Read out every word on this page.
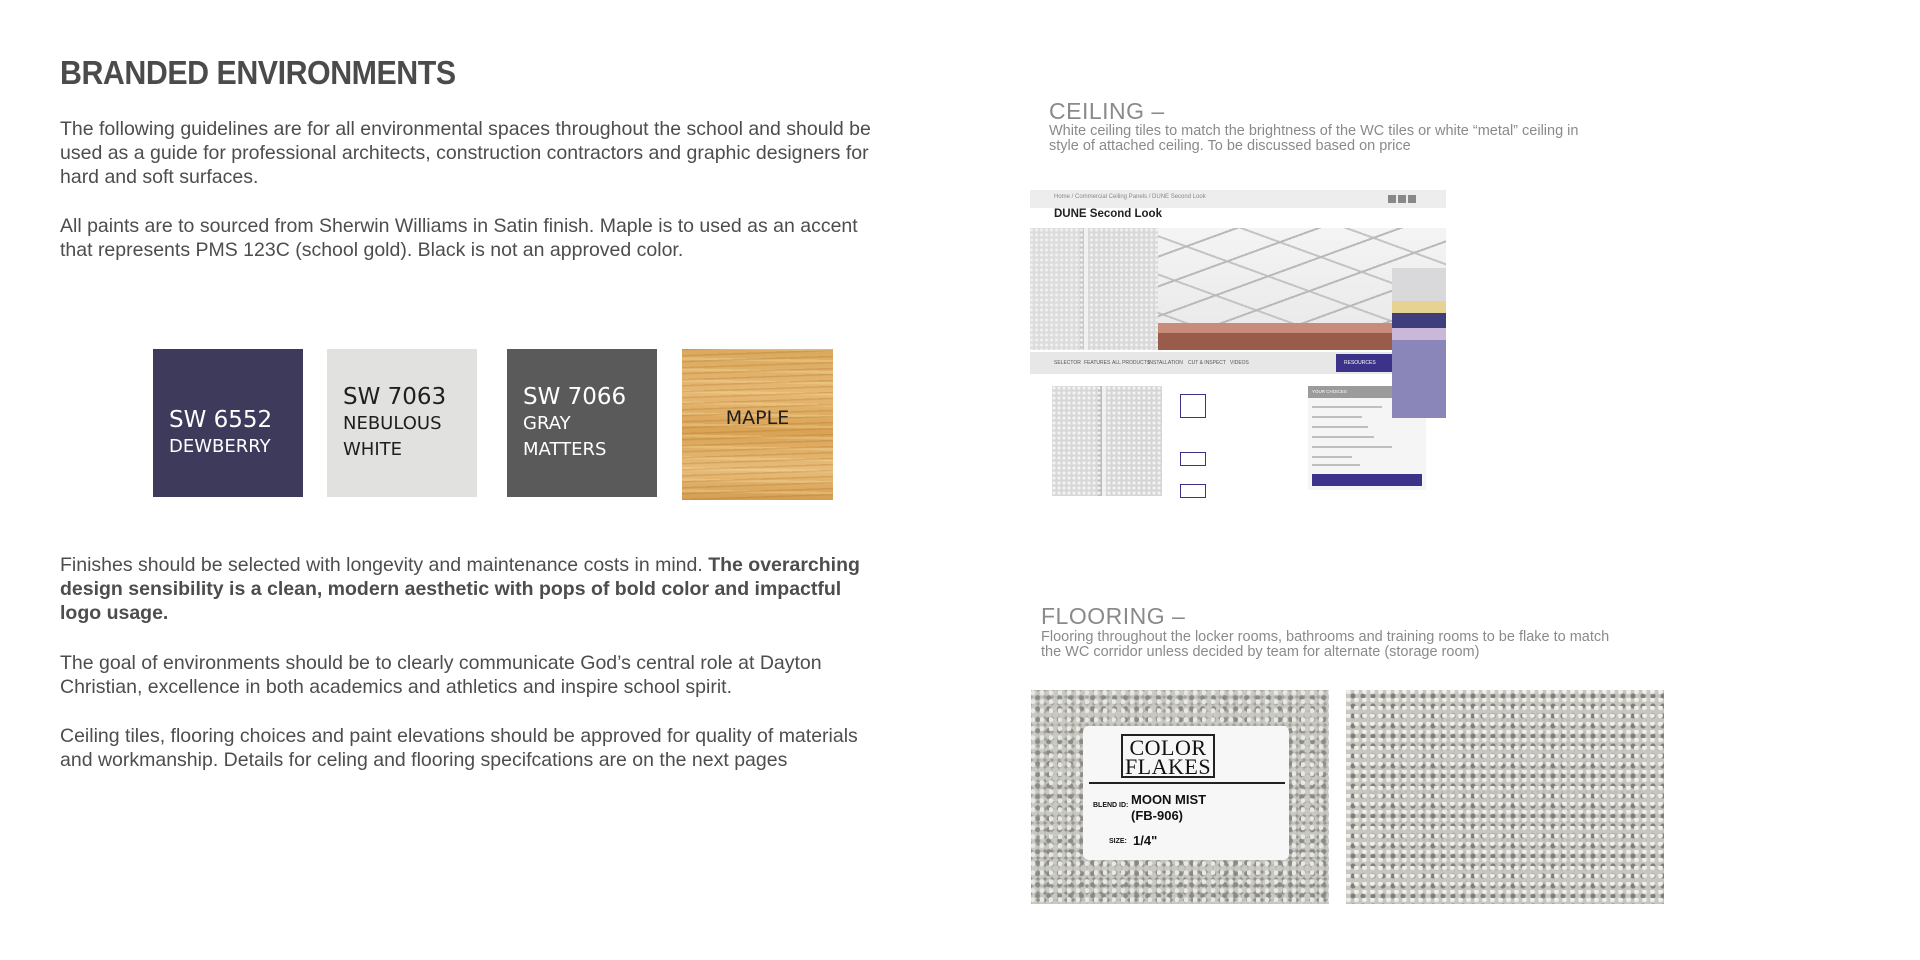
BRANDED ENVIRONMENTS

The following guidelines are for all environmental spaces throughout the school and should be used as a guide for professional architects, construction contractors and graphic designers for hard and soft surfaces.

All paints are to sourced from Sherwin Williams in Satin finish. Maple is to used as an accent that represents PMS 123C (school gold). Black is not an approved color.

SW 6552
DEWBERRY
SW 7063
NEBULOUS
WHITE
SW 7066
GRAY
MATTERS
MAPLE

Finishes should be selected with longevity and maintenance costs in mind. The overarching design sensibility is a clean, modern aesthetic with pops of bold color and impactful logo usage.

The goal of environments should be to clearly communicate God’s central role at Dayton Christian, excellence in both academics and athletics and inspire school spirit.

Ceiling tiles, flooring choices and paint elevations should be approved for quality of materials and workmanship. Details for celing and flooring specifcations are on the next pages

CEILING –

White ceiling tiles to match the brightness of the WC tiles or white “metal” ceiling in style of attached ceiling. To be discussed based on price

Home / Commercial Ceiling Panels / DUNE Second Look
DUNE Second Look
SELECTOR FEATURES ALL PRODUCTS
INSTALLATION CUT & INSPECT VIDEOS	RESOURCES
YOUR CHOICES
FLOORING –

Flooring throughout the locker rooms, bathrooms and training rooms to be flake to match the WC corridor unless decided by team for alternate (storage room)

COLOR FLAKES
BLEND ID: MOON MIST
(FB-906)
SIZE: 1/4"
